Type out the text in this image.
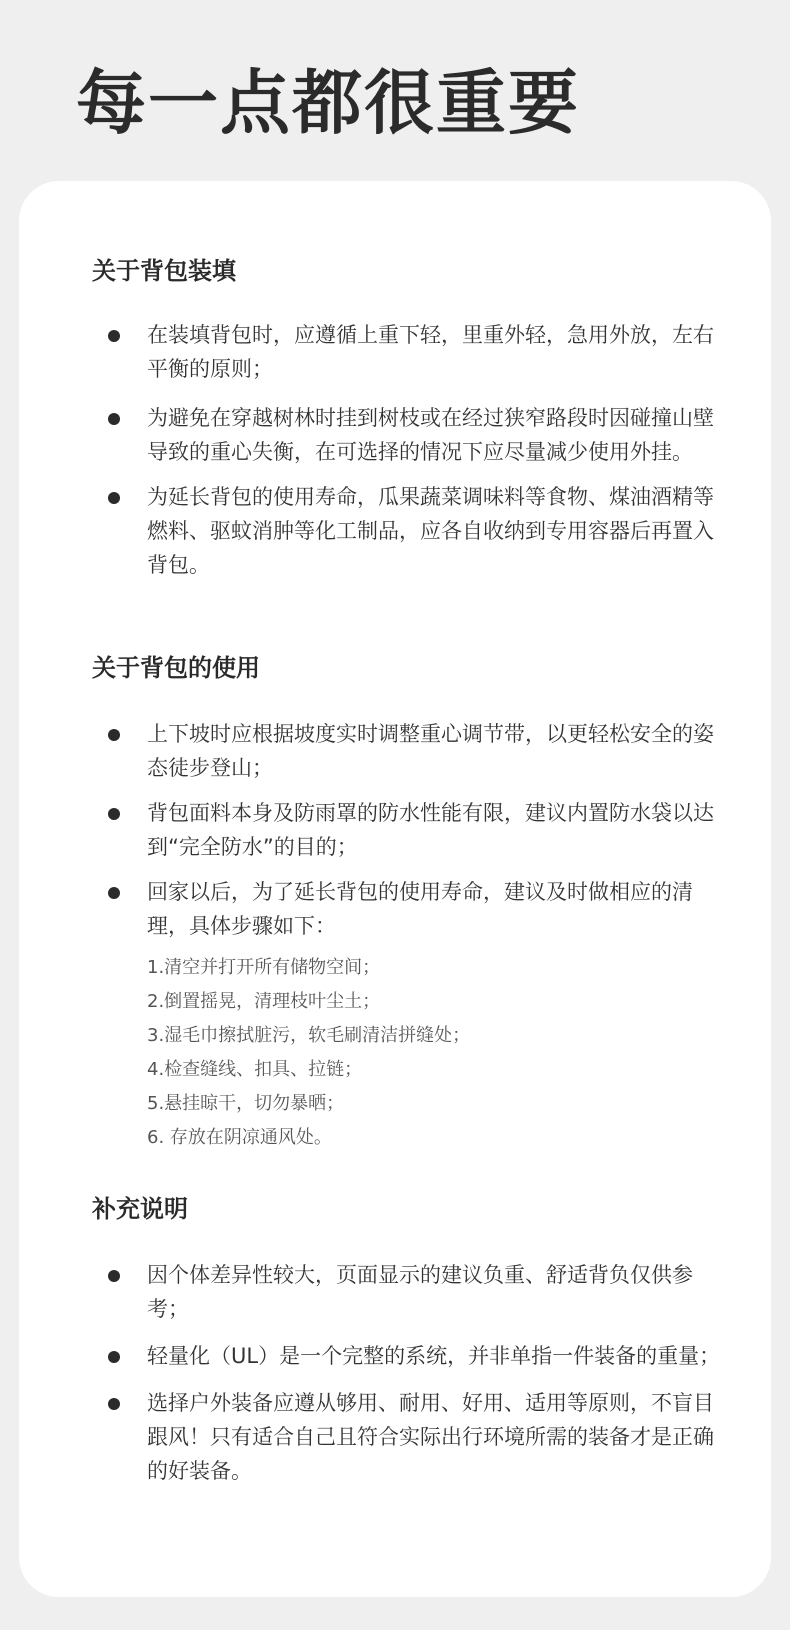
每一点都很重要
关于背包装填
在装填背包时，应遵循上重下轻，里重外轻，急用外放，左右平衡的原则；
为避免在穿越树林时挂到树枝或在经过狭窄路段时因碰撞山壁导致的重心失衡，在可选择的情况下应尽量减少使用外挂。
为延长背包的使用寿命，瓜果蔬菜调味料等食物、煤油酒精等燃料、驱蚊消肿等化工制品，应各自收纳到专用容器后再置入背包。
关于背包的使用
上下坡时应根据坡度实时调整重心调节带，以更轻松安全的姿态徒步登山；
背包面料本身及防雨罩的防水性能有限，建议内置防水袋以达到“完全防水”的目的；
回家以后，为了延长背包的使用寿命，建议及时做相应的清理，具体步骤如下：
1.清空并打开所有储物空间；
2.倒置摇晃，清理枝叶尘土；
3.湿毛巾擦拭脏污，软毛刷清洁拼缝处；
4.检查缝线、扣具、拉链；
5.悬挂晾干，切勿暴晒；
6. 存放在阴凉通风处。
补充说明
因个体差异性较大，页面显示的建议负重、舒适背负仅供参考；
轻量化（UL）是一个完整的系统，并非单指一件装备的重量；
选择户外装备应遵从够用、耐用、好用、适用等原则，不盲目跟风！只有适合自己且符合实际出行环境所需的装备才是正确的好装备。
